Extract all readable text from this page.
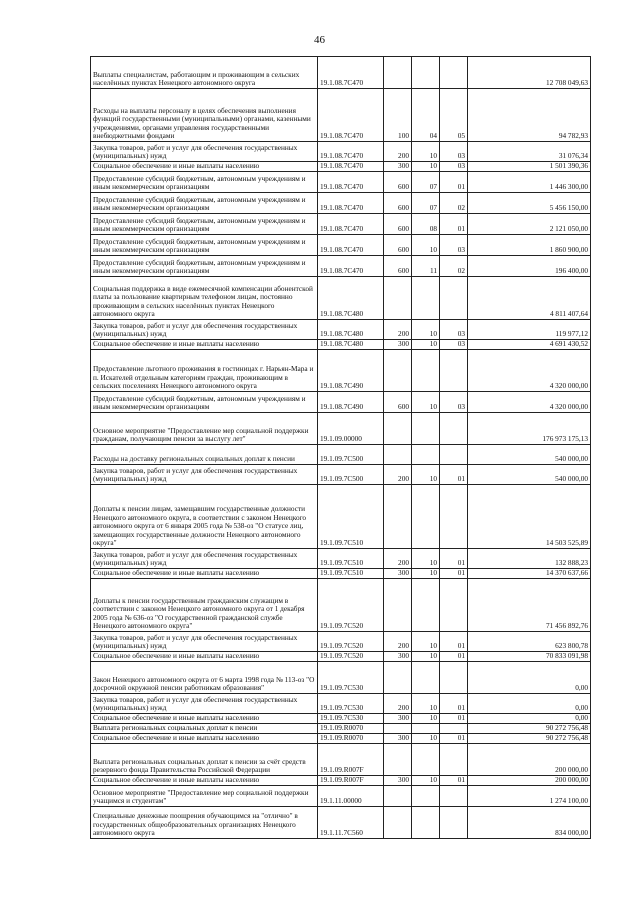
46
Выплаты специалистам, работающим и проживающим в сельских населённых пунктах Ненецкого автономного округа	19.1.08.7С470				12 708 049,63
Расходы на выплаты персоналу в целях обеспечения выполнения функций государственными (муниципальными) органами, казенными учреждениями, органами управления государственными внебюджетными фондами	19.1.08.7С470	100	04	05	94 782,93
Закупка товаров, работ и услуг для обеспечения государственных (муниципальных) нужд	19.1.08.7С470	200	10	03	31 076,34
Социальное обеспечение и иные выплаты населению	19.1.08.7С470	300	10	03	1 501 390,36
Предоставление субсидий бюджетным, автономным учреждениям и иным некоммерческим организациям	19.1.08.7С470	600	07	01	1 446 300,00
Предоставление субсидий бюджетным, автономным учреждениям и иным некоммерческим организациям	19.1.08.7С470	600	07	02	5 456 150,00
Предоставление субсидий бюджетным, автономным учреждениям и иным некоммерческим организациям	19.1.08.7С470	600	08	01	2 121 050,00
Предоставление субсидий бюджетным, автономным учреждениям и иным некоммерческим организациям	19.1.08.7С470	600	10	03	1 860 900,00
Предоставление субсидий бюджетным, автономным учреждениям и иным некоммерческим организациям	19.1.08.7С470	600	11	02	196 400,00
Социальная поддержка в виде ежемесячной компенсации абонентской платы за пользование квартирным телефоном лицам, постоянно проживающим в сельских населённых пунктах Ненецкого автономного округа	19.1.08.7С480				4 811 407,64
Закупка товаров, работ и услуг для обеспечения государственных (муниципальных) нужд	19.1.08.7С480	200	10	03	119 977,12
Социальное обеспечение и иные выплаты населению	19.1.08.7С480	300	10	03	4 691 430,52
Предоставление льготного проживания в гостиницах г. Нарьян-Мара и п. Искателей отдельным категориям граждан, проживающим в сельских поселениях Ненецкого автономного округа	19.1.08.7С490				4 320 000,00
Предоставление субсидий бюджетным, автономным учреждениям и иным некоммерческим организациям	19.1.08.7С490	600	10	03	4 320 000,00
Основное мероприятие "Предоставление мер социальной поддержки гражданам, получающим пенсии за выслугу лет"	19.1.09.00000				176 973 175,13
Расходы на доставку региональных социальных доплат к пенсии	19.1.09.7С500				540 000,00
Закупка товаров, работ и услуг для обеспечения государственных (муниципальных) нужд	19.1.09.7С500	200	10	01	540 000,00
Доплаты к пенсии лицам, замещавшим государственные должности Ненецкого автономного округа, в соответствии с законом Ненецкого автономного округа от 6 января 2005 года № 538-оз "О статусе лиц, замещающих государственные должности Ненецкого автономного округа"	19.1.09.7С510				14 503 525,89
Закупка товаров, работ и услуг для обеспечения государственных (муниципальных) нужд	19.1.09.7С510	200	10	01	132 888,23
Социальное обеспечение и иные выплаты населению	19.1.09.7С510	300	10	01	14 370 637,66
Доплаты к пенсии государственным гражданским служащим в соответствии с законом Ненецкого автономного округа от 1 декабря 2005 года № 636-оз "О государственной гражданской службе Ненецкого автономного округа"	19.1.09.7С520				71 456 892,76
Закупка товаров, работ и услуг для обеспечения государственных (муниципальных) нужд	19.1.09.7С520	200	10	01	623 800,78
Социальное обеспечение и иные выплаты населению	19.1.09.7С520	300	10	01	70 833 091,98
Закон Ненецкого автономного округа от 6 марта 1998 года № 113-оз "О досрочной окружной пенсии работникам образования"	19.1.09.7С530				0,00
Закупка товаров, работ и услуг для обеспечения государственных (муниципальных) нужд	19.1.09.7С530	200	10	01	0,00
Социальное обеспечение и иные выплаты населению	19.1.09.7С530	300	10	01	0,00
Выплата региональных социальных доплат к пенсии	19.1.09.R0070				90 272 756,48
Социальное обеспечение и иные выплаты населению	19.1.09.R0070	300	10	01	90 272 756,48
Выплата региональных социальных доплат к пенсии за счёт средств резервного фонда Правительства Российской Федерации	19.1.09.R007F				200 000,00
Социальное обеспечение и иные выплаты населению	19.1.09.R007F	300	10	01	200 000,00
Основное мероприятие "Предоставление мер социальной поддержки учащимся и студентам"	19.1.11.00000				1 274 100,00
Специальные денежные поощрения обучающимся на "отлично" в государственных общеобразовательных организациях Ненецкого автономного округа	19.1.11.7С560				834 000,00
